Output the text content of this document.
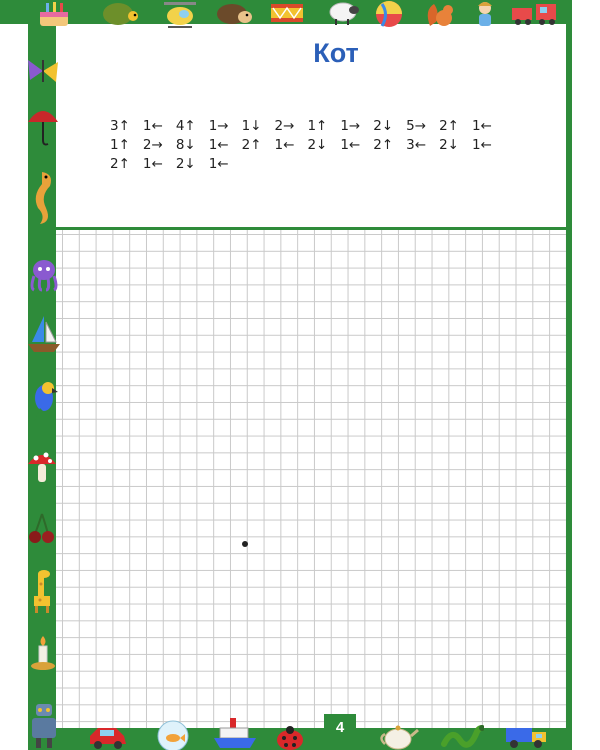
Кот
3↑ 1← 4↑ 1→ 1↓ 2→ 1↑ 1→ 2↓ 5→ 2↑ 1←
1↑ 2→ 8↓ 1← 2↑ 1← 2↓ 1← 2↑ 3← 2↓ 1←
2↑ 1← 2↓ 1←
4
